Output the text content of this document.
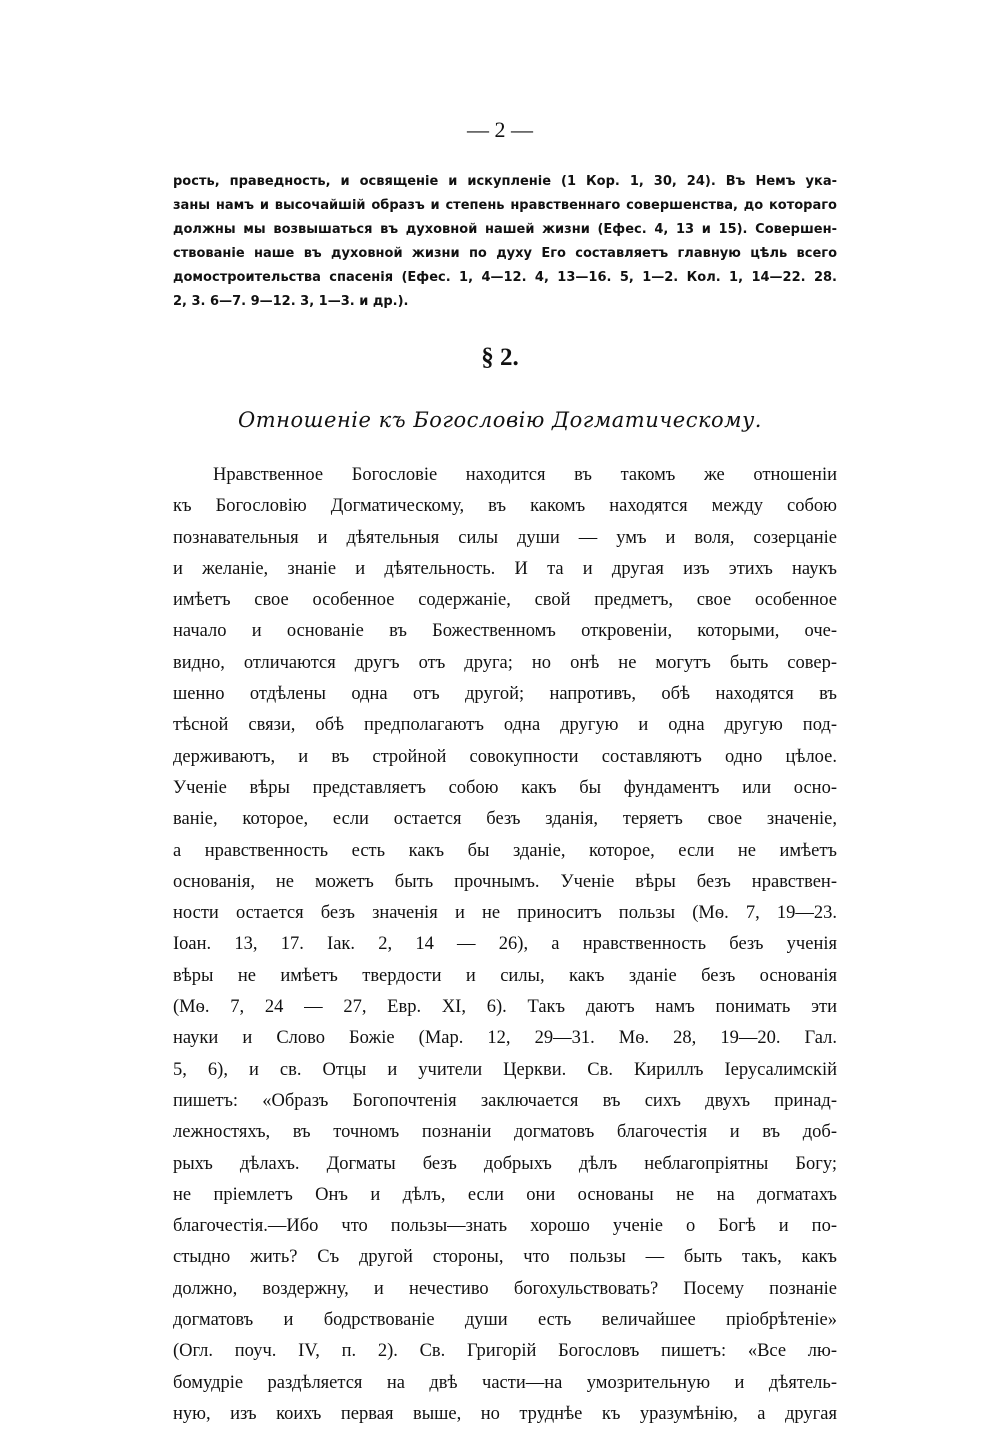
— 2 —
рость, праведность, и освященіе и искупленіе (1 Кор. 1, 30, 24). Въ Немъ ука-
заны намъ и высочайшій образъ и степень нравственнаго совершенства, до котораго
должны мы возвышаться въ духовной нашей жизни (Ефес. 4, 13 и 15). Совершен-
ствованіе наше въ духовной жизни по духу Его составляетъ главную цѣль всего
домостроительства спасенія (Ефес. 1, 4—12. 4, 13—16. 5, 1—2. Кол. 1, 14—22. 28.
2, 3. 6—7. 9—12. 3, 1—3. и др.).
§ 2.
Отношеніе къ Богословію Догматическому.
Нравственное Богословіе находится въ такомъ же отношеніи
къ Богословію Догматическому, въ какомъ находятся между собою
познавательныя и дѣятельныя силы души — умъ и воля, созерцаніе
и желаніе, знаніе и дѣятельность. И та и другая изъ этихъ наукъ
имѣетъ свое особенное содержаніе, свой предметъ, свое особенное
начало и основаніе въ Божественномъ откровеніи, которыми, оче-
видно, отличаются другъ отъ друга; но онѣ не могутъ быть совер-
шенно отдѣлены одна отъ другой; напротивъ, обѣ находятся въ
тѣсной связи, обѣ предполагаютъ одна другую и одна другую под-
держиваютъ, и въ стройной совокупности составляютъ одно цѣлое.
Ученіе вѣры представляетъ собою какъ бы фундаментъ или осно-
ваніе, которое, если остается безъ зданія, теряетъ свое значеніе,
а нравственность есть какъ бы зданіе, которое, если не имѣетъ
основанія, не можетъ быть прочнымъ. Ученіе вѣры безъ нравствен-
ности остается безъ значенія и не приноситъ пользы (Мѳ. 7, 19—23.
Іоан. 13, 17. Іак. 2, 14 — 26), а нравственность безъ ученія
вѣры не имѣетъ твердости и силы, какъ зданіе безъ основанія
(Мѳ. 7, 24 — 27, Евр. XI, 6). Такъ даютъ намъ понимать эти
науки и Слово Божіе (Мар. 12, 29—31. Мѳ. 28, 19—20. Гал.
5, 6), и св. Отцы и учители Церкви. Св. Кириллъ Іерусалимскій
пишетъ: «Образъ Богопочтенія заключается въ сихъ двухъ принад-
лежностяхъ, въ точномъ познаніи догматовъ благочестія и въ доб-
рыхъ дѣлахъ. Догматы безъ добрыхъ дѣлъ неблагопріятны Богу;
не пріемлетъ Онъ и дѣлъ, если они основаны не на догматахъ
благочестія.—Ибо что пользы—знать хорошо ученіе о Богѣ и по-
стыдно жить? Съ другой стороны, что пользы — быть такъ, какъ
должно, воздержну, и нечестиво богохульствовать? Посему познаніе
догматовъ и бодрствованіе души есть величайшее пріобрѣтеніе»
(Огл. поуч. IV, п. 2). Св. Григорій Богословъ пишетъ: «Все лю-
бомудріе раздѣляется на двѣ части—на умозрительную и дѣятель-
ную, изъ коихъ первая выше, но труднѣе къ уразумѣнію, а другая
